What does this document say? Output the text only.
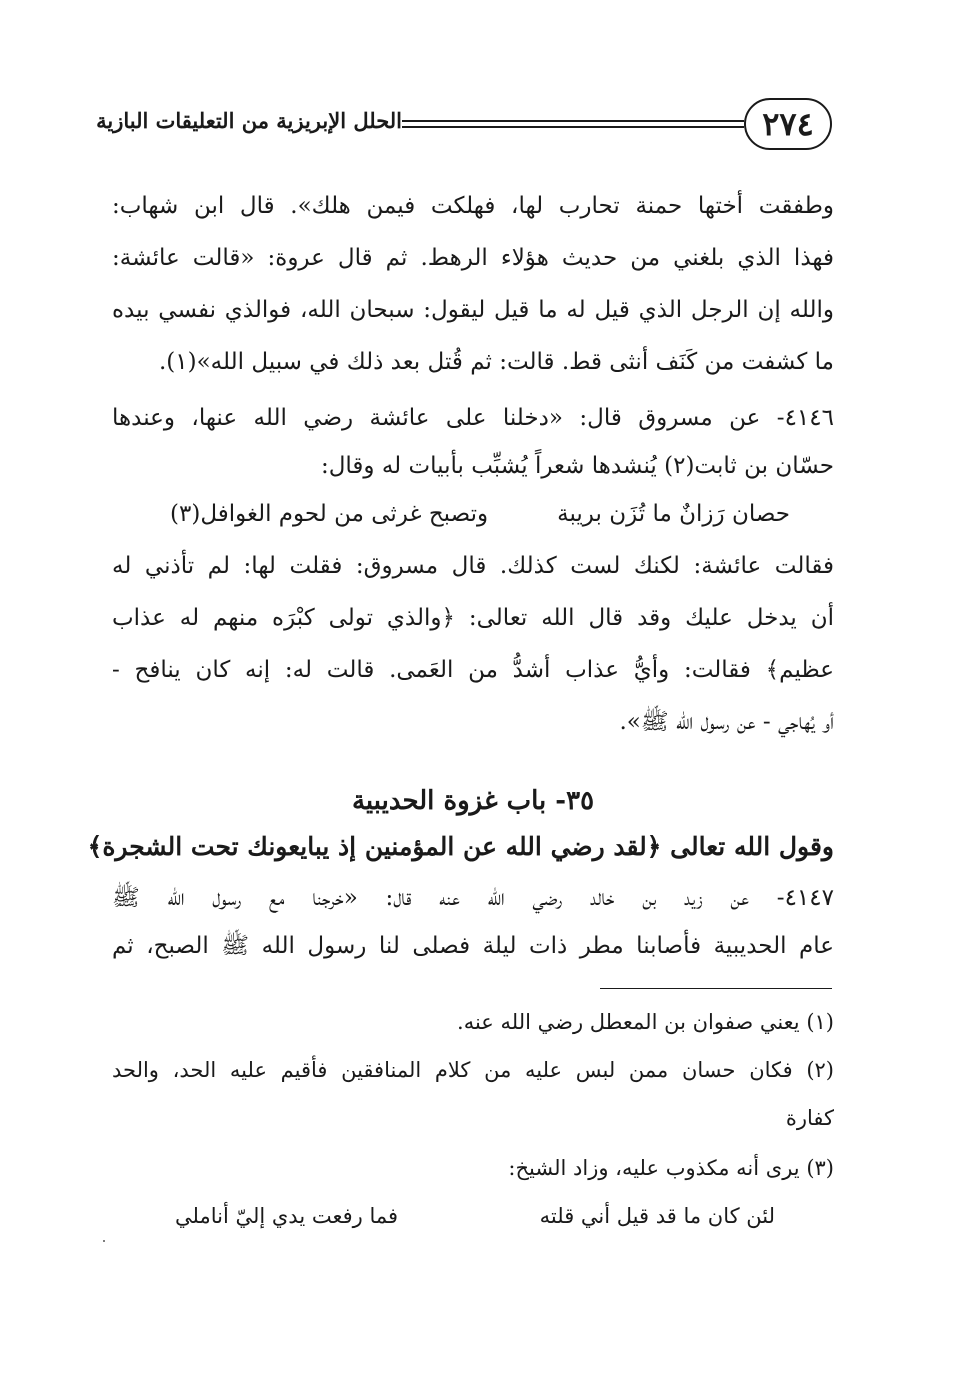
٢٧٤
الحلل الإبريزية من التعليقات البازية
وطفقت أختها حمنة تحارب لها، فهلكت فيمن هلك». قال ابن شهاب:
فهذا الذي بلغني من حديث هؤلاء الرهط. ثم قال عروة: «قالت عائشة:
والله إن الرجل الذي قيل له ما قيل ليقول: سبحان الله، فوالذي نفسي بيده
ما كشفت من كَنَف أنثى قط. قالت: ثم قُتل بعد ذلك في سبيل الله»(١).
٤١٤٦- عن مسروق قال: «دخلنا على عائشة رضي الله عنها، وعندها
حسّان بن ثابت(٢) يُنشدها شعراً يُشبِّب بأبيات له وقال:
حصان رَزانٌ ما تُزَن بريبة
وتصبح غرثى من لحوم الغوافل(٣)
فقالت عائشة: لكنك لست كذلك. قال مسروق: فقلت لها: لم تأذني له
أن يدخل عليك وقد قال الله تعالى: ﴿والذي تولى كبْرَه منهم له عذاب
عظيم﴾ فقالت: وأيُّ عذاب أشدُّ من العَمى. قالت له: إنه كان ينافح -
أو يُهاجي - عن رسول الله ﷺ».
٣٥- باب غزوة الحديبية
وقول الله تعالى ﴿لقد رضي الله عن المؤمنين إذ يبايعونك تحت الشجرة﴾
٤١٤٧- عن زيد بن خالد رضي الله عنه قال: «خرجنا مع رسول الله ﷺ
عام الحديبية فأصابنا مطر ذات ليلة فصلى لنا رسول الله ﷺ الصبح، ثم
(١) يعني صفوان بن المعطل رضي الله عنه.
(٢) فكان حسان ممن لبس عليه من كلام المنافقين فأقيم عليه الحد، والحد
كفارة
(٣) يرى أنه مكذوب عليه، وزاد الشيخ:
لئن كان ما قد قيل أني قلته
فما رفعت يدي إليّ أناملي
